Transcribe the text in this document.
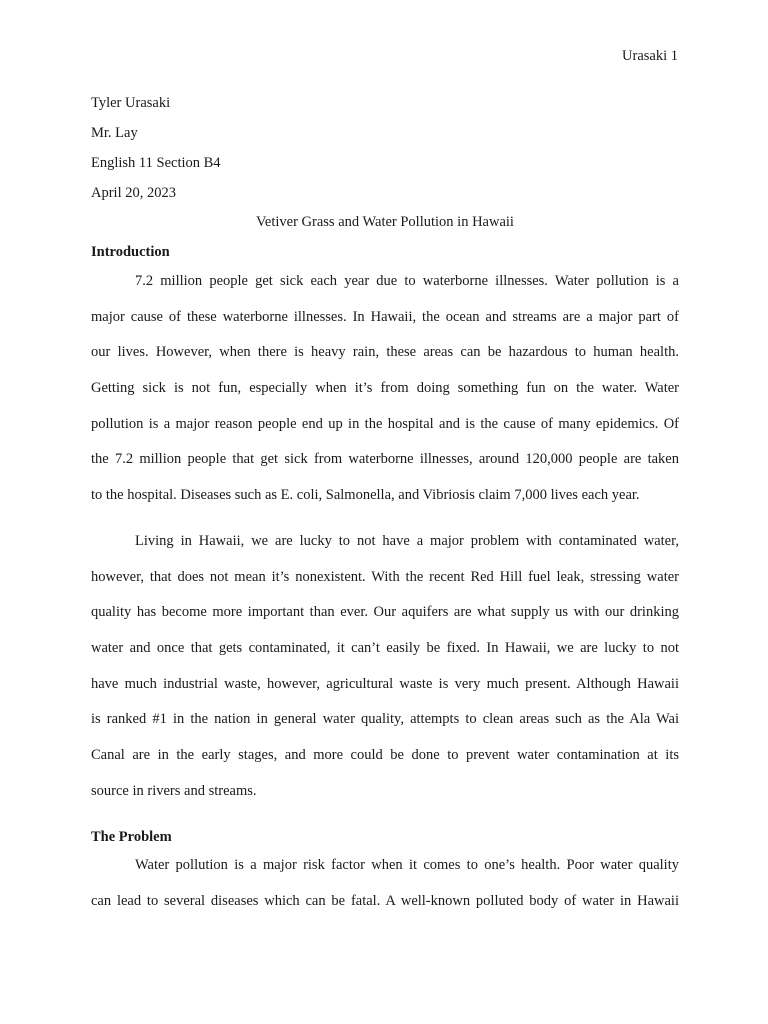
Urasaki 1
Tyler Urasaki
Mr. Lay
English 11 Section B4
April 20, 2023
Vetiver Grass and Water Pollution in Hawaii
Introduction
7.2 million people get sick each year due to waterborne illnesses. Water pollution is a
major cause of these waterborne illnesses. In Hawaii, the ocean and streams are a major part of
our lives. However, when there is heavy rain, these areas can be hazardous to human health.
Getting sick is not fun, especially when it’s from doing something fun on the water. Water
pollution is a major reason people end up in the hospital and is the cause of many epidemics. Of
the 7.2 million people that get sick from waterborne illnesses, around 120,000 people are taken
to the hospital. Diseases such as E. coli, Salmonella, and Vibriosis claim 7,000 lives each year.
Living in Hawaii, we are lucky to not have a major problem with contaminated water,
however, that does not mean it’s nonexistent. With the recent Red Hill fuel leak, stressing water
quality has become more important than ever. Our aquifers are what supply us with our drinking
water and once that gets contaminated, it can’t easily be fixed. In Hawaii, we are lucky to not
have much industrial waste, however, agricultural waste is very much present. Although Hawaii
is ranked #1 in the nation in general water quality, attempts to clean areas such as the Ala Wai
Canal are in the early stages, and more could be done to prevent water contamination at its
source in rivers and streams.
The Problem
Water pollution is a major risk factor when it comes to one’s health. Poor water quality
can lead to several diseases which can be fatal. A well-known polluted body of water in Hawaii
